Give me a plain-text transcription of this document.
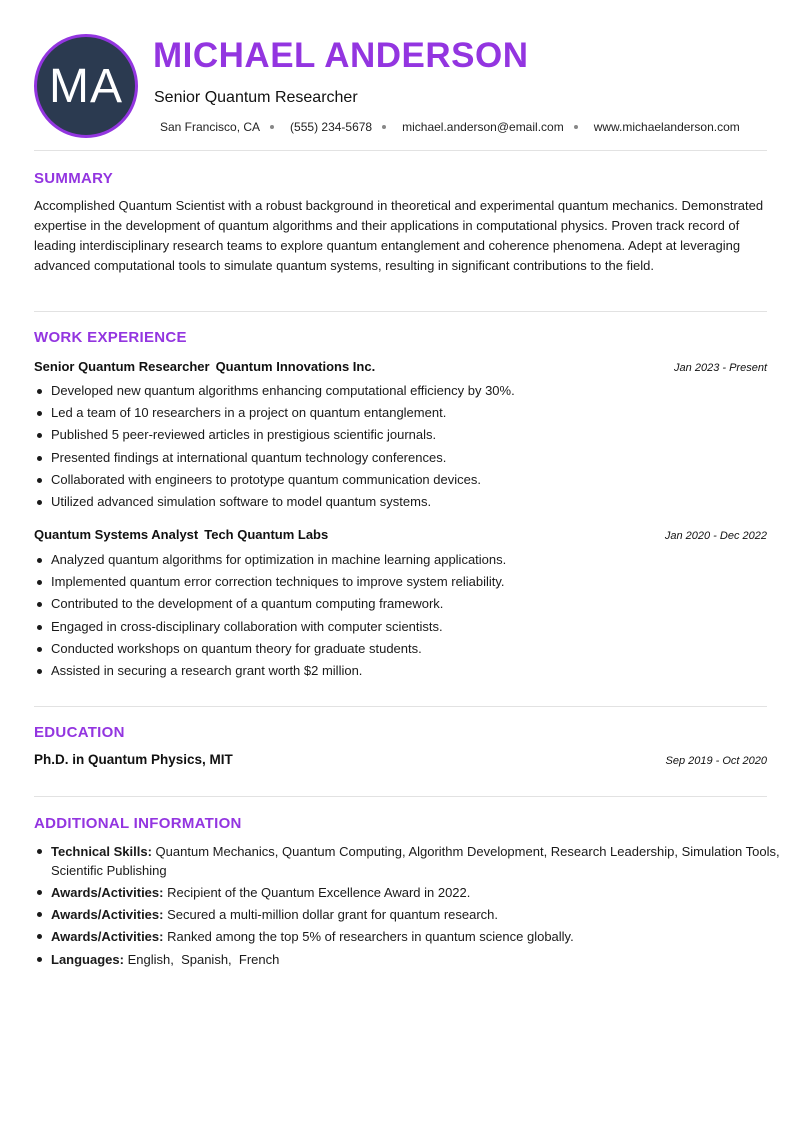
MA
MICHAEL ANDERSON
Senior Quantum Researcher
San Francisco, CA	(555) 234-5678	michael.anderson@email.com	www.michaelanderson.com
SUMMARY
Accomplished Quantum Scientist with a robust background in theoretical and experimental quantum mechanics. Demonstrated expertise in the development of quantum algorithms and their applications in computational physics. Proven track record of leading interdisciplinary research teams to explore quantum entanglement and coherence phenomena. Adept at leveraging advanced computational tools to simulate quantum systems, resulting in significant contributions to the field.
WORK EXPERIENCE
Senior Quantum Researcher Quantum Innovations Inc.	Jan 2023 - Present
Developed new quantum algorithms enhancing computational efficiency by 30%.
Led a team of 10 researchers in a project on quantum entanglement.
Published 5 peer-reviewed articles in prestigious scientific journals.
Presented findings at international quantum technology conferences.
Collaborated with engineers to prototype quantum communication devices.
Utilized advanced simulation software to model quantum systems.
Quantum Systems Analyst Tech Quantum Labs	Jan 2020 - Dec 2022
Analyzed quantum algorithms for optimization in machine learning applications.
Implemented quantum error correction techniques to improve system reliability.
Contributed to the development of a quantum computing framework.
Engaged in cross-disciplinary collaboration with computer scientists.
Conducted workshops on quantum theory for graduate students.
Assisted in securing a research grant worth $2 million.
EDUCATION
Ph.D. in Quantum Physics, MIT	Sep 2019 - Oct 2020
ADDITIONAL INFORMATION
Technical Skills: Quantum Mechanics, Quantum Computing, Algorithm Development, Research Leadership, Simulation Tools, Scientific Publishing
Awards/Activities: Recipient of the Quantum Excellence Award in 2022.
Awards/Activities: Secured a multi-million dollar grant for quantum research.
Awards/Activities: Ranked among the top 5% of researchers in quantum science globally.
Languages: English,  Spanish,  French
